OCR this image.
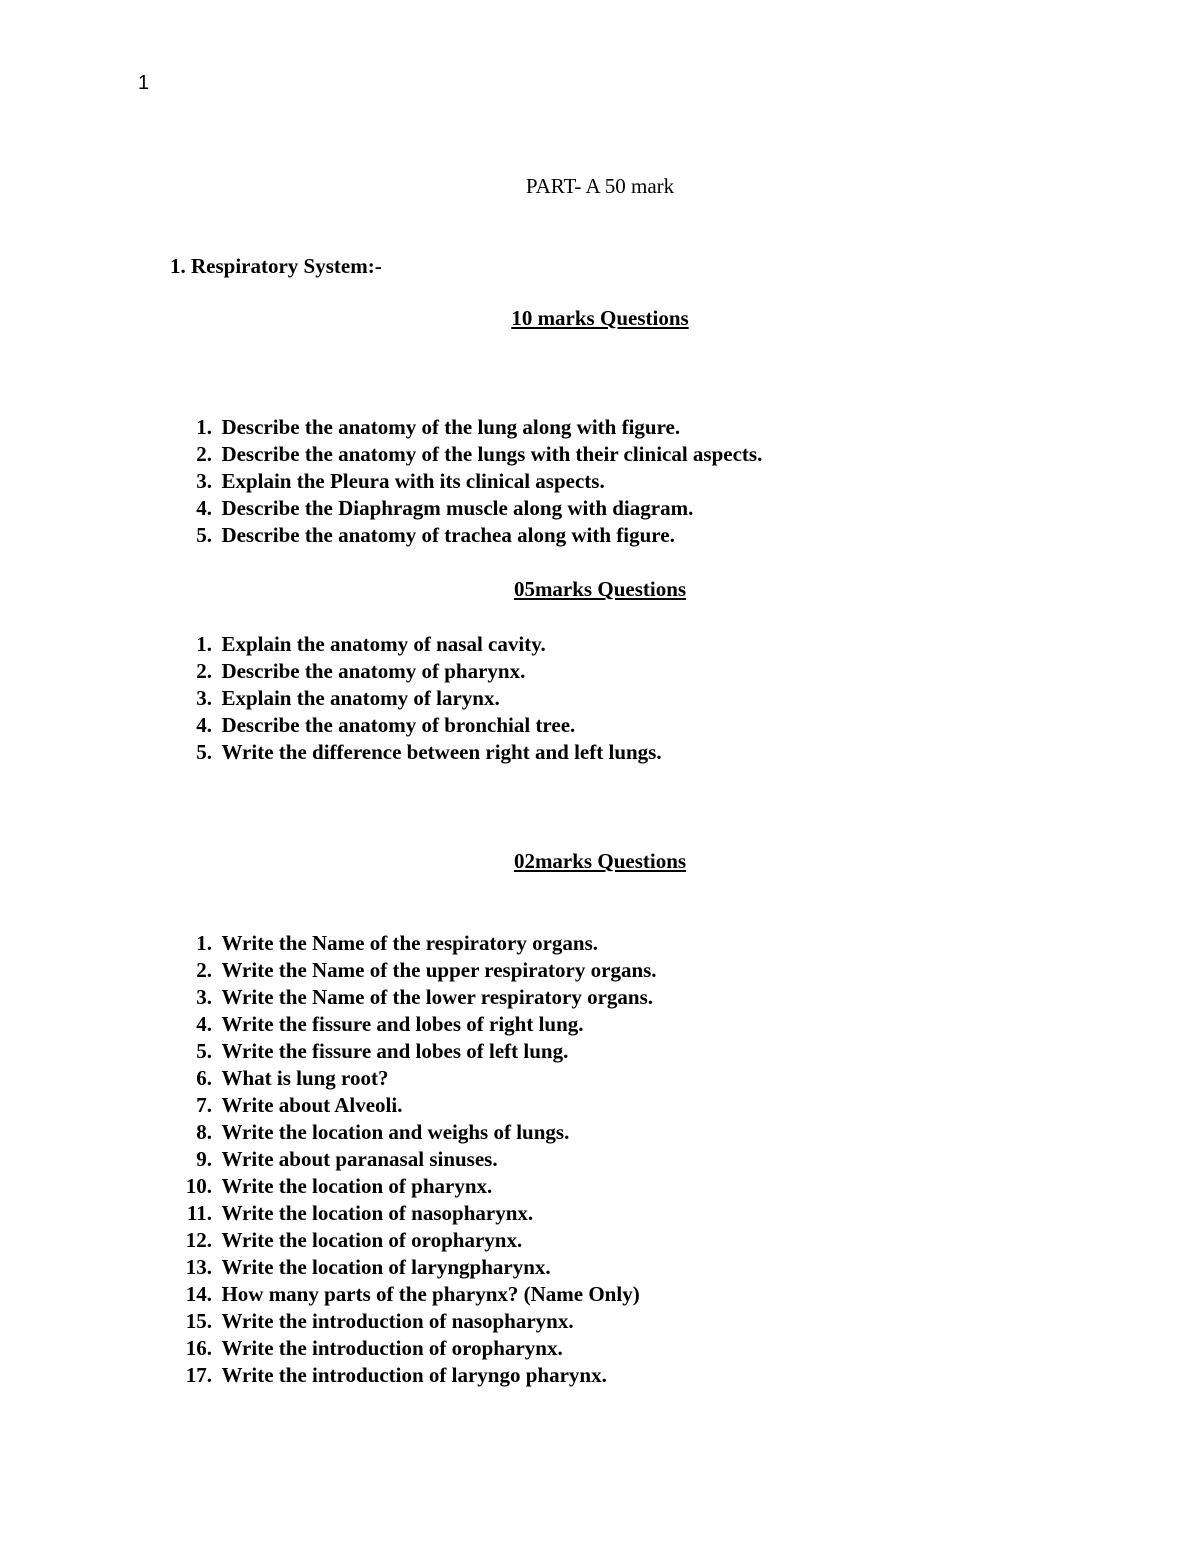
1
PART- A 50 mark
1. Respiratory System:-
10 marks Questions
1. Describe the anatomy of the lung along with figure.
2. Describe the anatomy of the lungs with their clinical aspects.
3. Explain the Pleura with its clinical aspects.
4. Describe the Diaphragm muscle along with diagram.
5. Describe the anatomy of trachea along with figure.
05marks Questions
1. Explain the anatomy of nasal cavity.
2. Describe the anatomy of pharynx.
3. Explain the anatomy of larynx.
4. Describe the anatomy of bronchial tree.
5. Write the difference between right and left lungs.
02marks Questions
1. Write the Name of the respiratory organs.
2. Write the Name of the upper respiratory organs.
3. Write the Name of the lower respiratory organs.
4. Write the fissure and lobes of right lung.
5. Write the fissure and lobes of left lung.
6. What is lung root?
7. Write about Alveoli.
8. Write the location and weighs of lungs.
9. Write about paranasal sinuses.
10. Write the location of pharynx.
11. Write the location of nasopharynx.
12. Write the location of oropharynx.
13. Write the location of laryngpharynx.
14. How many parts of the pharynx? (Name Only)
15. Write the introduction of nasopharynx.
16. Write the introduction of oropharynx.
17. Write the introduction of laryngo pharynx.
